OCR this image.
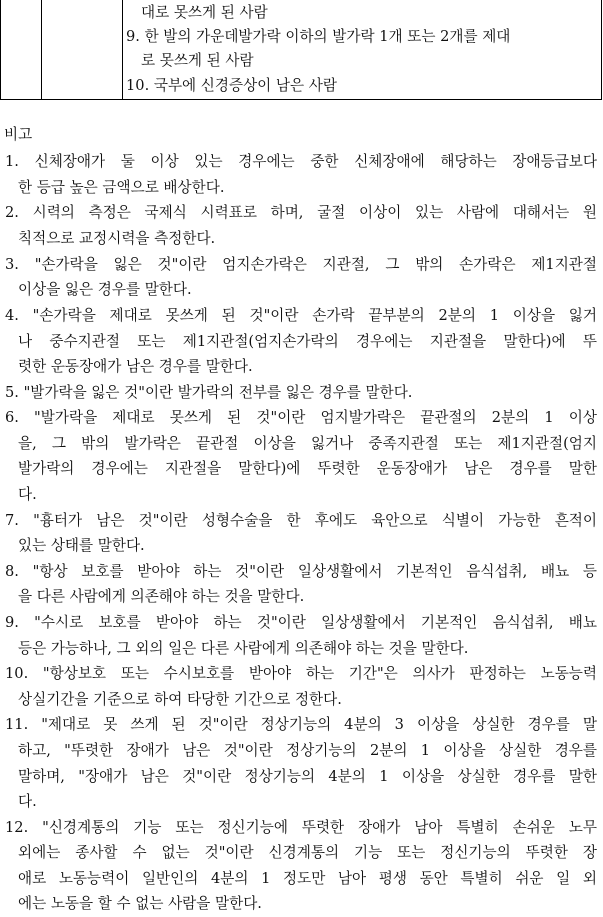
대로 못쓰게 된 사람
9. 한 발의 가운데발가락 이하의 발가락 1개 또는 2개를 제대
로 못쓰게 된 사람
10. 국부에 신경증상이 남은 사람
비고
1. 신체장애가 둘 이상 있는 경우에는 중한 신체장애에 해당하는 장애등급보다
한 등급 높은 금액으로 배상한다.
2. 시력의 측정은 국제식 시력표로 하며, 굴절 이상이 있는 사람에 대해서는 원
칙적으로 교정시력을 측정한다.
3. "손가락을 잃은 것"이란 엄지손가락은 지관절, 그 밖의 손가락은 제1지관절
이상을 잃은 경우를 말한다.
4. "손가락을 제대로 못쓰게 된 것"이란 손가락 끝부분의 2분의 1 이상을 잃거
나 중수지관절 또는 제1지관절(엄지손가락의 경우에는 지관절을 말한다)에 뚜
렷한 운동장애가 남은 경우를 말한다.
5. "발가락을 잃은 것"이란 발가락의 전부를 잃은 경우를 말한다.
6. "발가락을 제대로 못쓰게 된 것"이란 엄지발가락은 끝관절의 2분의 1 이상
을, 그 밖의 발가락은 끝관절 이상을 잃거나 중족지관절 또는 제1지관절(엄지
발가락의 경우에는 지관절을 말한다)에 뚜렷한 운동장애가 남은 경우를 말한
다.
7. "흉터가 남은 것"이란 성형수술을 한 후에도 육안으로 식별이 가능한 흔적이
있는 상태를 말한다.
8. "항상 보호를 받아야 하는 것"이란 일상생활에서 기본적인 음식섭취, 배뇨 등
을 다른 사람에게 의존해야 하는 것을 말한다.
9. "수시로 보호를 받아야 하는 것"이란 일상생활에서 기본적인 음식섭취, 배뇨
등은 가능하나, 그 외의 일은 다른 사람에게 의존해야 하는 것을 말한다.
10. "항상보호 또는 수시보호를 받아야 하는 기간"은 의사가 판정하는 노동능력
상실기간을 기준으로 하여 타당한 기간으로 정한다.
11. "제대로 못 쓰게 된 것"이란 정상기능의 4분의 3 이상을 상실한 경우를 말
하고, "뚜렷한 장애가 남은 것"이란 정상기능의 2분의 1 이상을 상실한 경우를
말하며, "장애가 남은 것"이란 정상기능의 4분의 1 이상을 상실한 경우를 말한
다.
12. "신경계통의 기능 또는 정신기능에 뚜렷한 장애가 남아 특별히 손쉬운 노무
외에는 종사할 수 없는 것"이란 신경계통의 기능 또는 정신기능의 뚜렷한 장
애로 노동능력이 일반인의 4분의 1 정도만 남아 평생 동안 특별히 쉬운 일 외
에는 노동을 할 수 없는 사람을 말한다.
